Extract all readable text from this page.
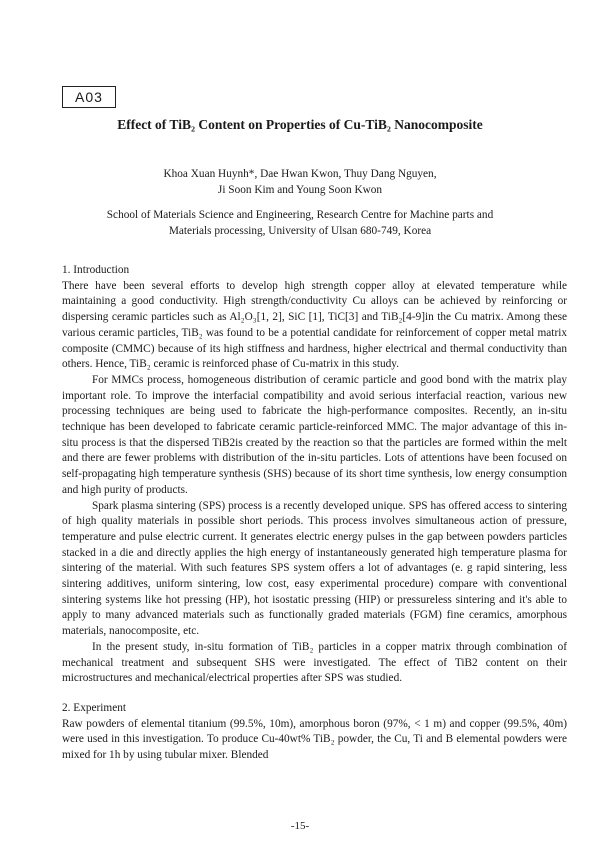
A03
Effect of TiB₂ Content on Properties of Cu-TiB₂ Nanocomposite
Khoa Xuan Huynh*, Dae Hwan Kwon, Thuy Dang Nguyen,
Ji Soon Kim and Young Soon Kwon
School of Materials Science and Engineering, Research Centre for Machine parts and
Materials processing, University of Ulsan 680-749, Korea
1. Introduction

There have been several efforts to develop high strength copper alloy at elevated temperature while maintaining a good conductivity. High strength/conductivity Cu alloys can be achieved by reinforcing or dispersing ceramic particles such as Al₂O₃[1, 2], SiC [1], TiC[3] and TiB₂[4-9]in the Cu matrix. Among these various ceramic particles, TiB₂ was found to be a potential candidate for reinforcement of copper metal matrix composite (CMMC) because of its high stiffness and hardness, higher electrical and thermal conductivity than others. Hence, TiB₂ ceramic is reinforced phase of Cu-matrix in this study.

For MMCs process, homogeneous distribution of ceramic particle and good bond with the matrix play important role. To improve the interfacial compatibility and avoid serious interfacial reaction, various new processing techniques are being used to fabricate the high-performance composites. Recently, an in-situ technique has been developed to fabricate ceramic particle-reinforced MMC. The major advantage of this in-situ process is that the dispersed TiB2is created by the reaction so that the particles are formed within the melt and there are fewer problems with distribution of the in-situ particles. Lots of attentions have been focused on self-propagating high temperature synthesis (SHS) because of its short time synthesis, low energy consumption and high purity of products.

Spark plasma sintering (SPS) process is a recently developed unique. SPS has offered access to sintering of high quality materials in possible short periods. This process involves simultaneous action of pressure, temperature and pulse electric current. It generates electric energy pulses in the gap between powders particles stacked in a die and directly applies the high energy of instantaneously generated high temperature plasma for sintering of the material. With such features SPS system offers a lot of advantages (e. g rapid sintering, less sintering additives, uniform sintering, low cost, easy experimental procedure) compare with conventional sintering systems like hot pressing (HP), hot isostatic pressing (HIP) or pressureless sintering and it's able to apply to many advanced materials such as functionally graded materials (FGM) fine ceramics, amorphous materials, nanocomposite, etc.

In the present study, in-situ formation of TiB₂ particles in a copper matrix through combination of mechanical treatment and subsequent SHS were investigated. The effect of TiB2 content on their microstructures and mechanical/electrical properties after SPS was studied.

2. Experiment

Raw powders of elemental titanium (99.5%, 10m), amorphous boron (97%, < 1 m) and copper (99.5%, 40m) were used in this investigation. To produce Cu-40wt% TiB₂ powder, the Cu, Ti and B elemental powders were mixed for 1h by using tubular mixer. Blended

-15-
